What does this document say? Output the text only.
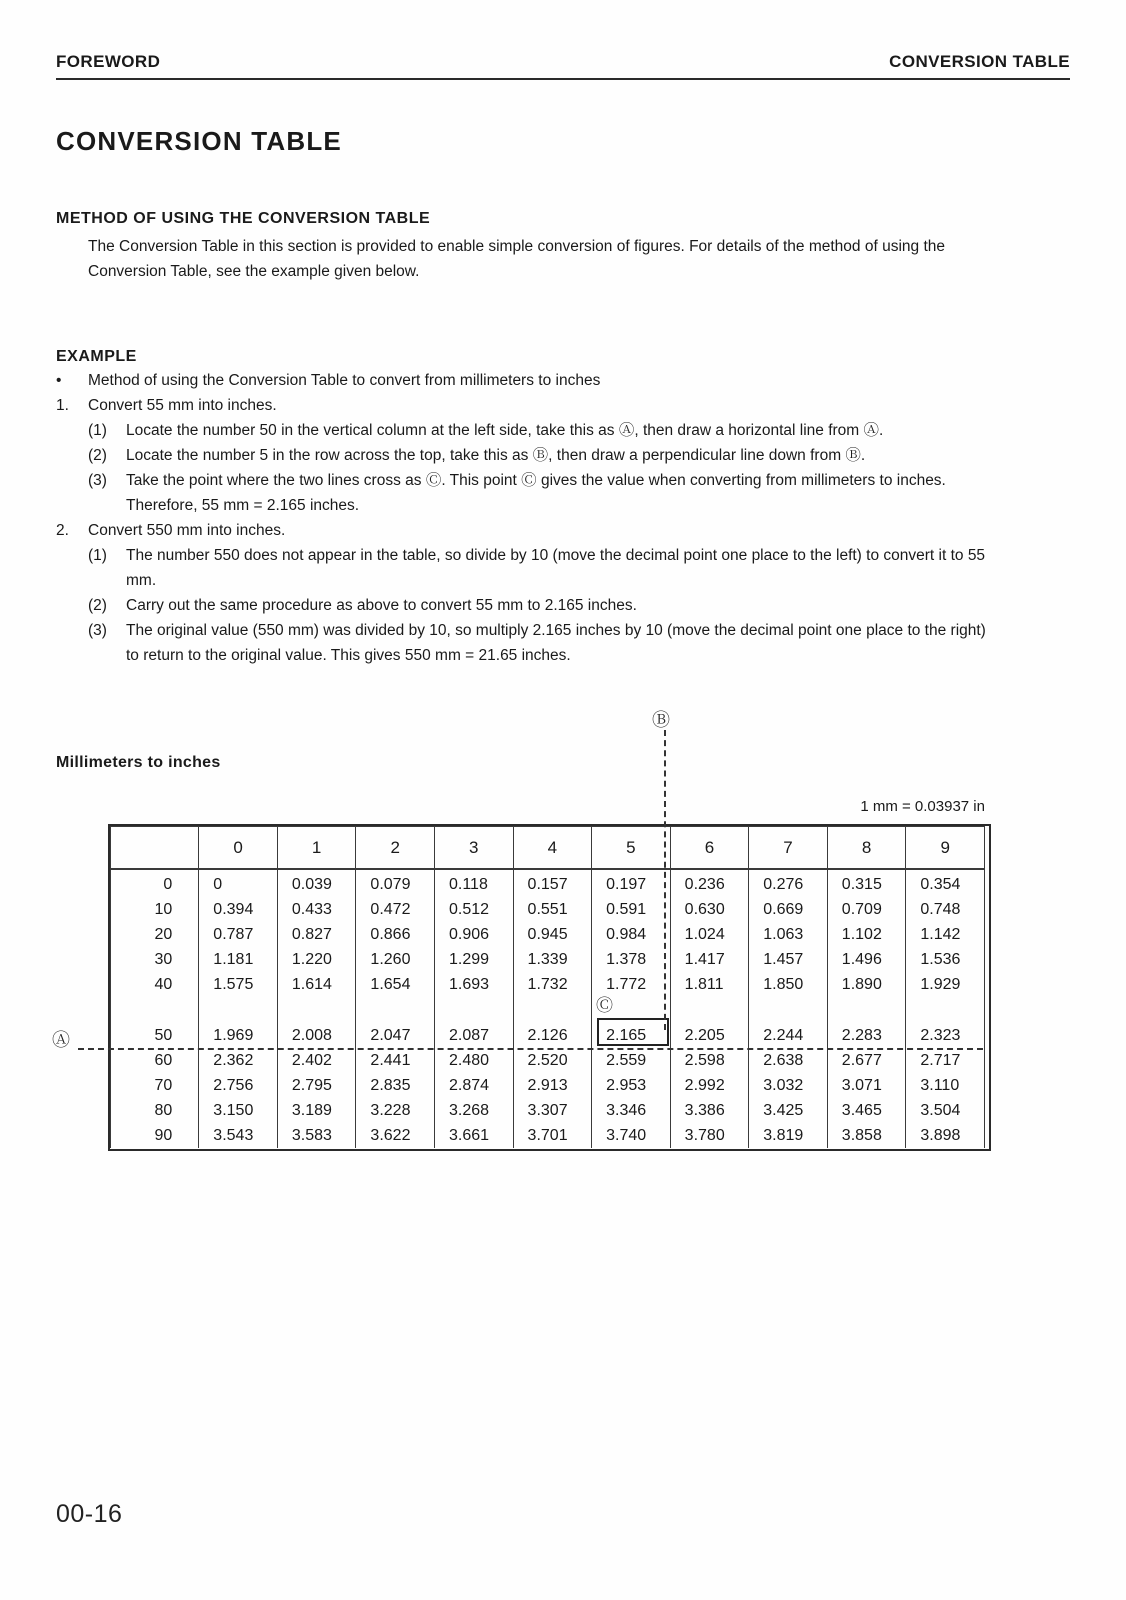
FOREWORD	CONVERSION TABLE
CONVERSION TABLE
METHOD OF USING THE CONVERSION TABLE
The Conversion Table in this section is provided to enable simple conversion of figures. For details of the method of using the Conversion Table, see the example given below.
EXAMPLE
•	Method of using the Conversion Table to convert from millimeters to inches
1.	Convert 55 mm into inches.
(1)	Locate the number 50 in the vertical column at the left side, take this as Ⓐ, then draw a horizontal line from Ⓐ.
(2)	Locate the number 5 in the row across the top, take this as Ⓑ, then draw a perpendicular line down from Ⓑ.
(3)	Take the point where the two lines cross as Ⓒ. This point Ⓒ gives the value when converting from millimeters to inches. Therefore, 55 mm = 2.165 inches.
2.	Convert 550 mm into inches.
(1)	The number 550 does not appear in the table, so divide by 10 (move the decimal point one place to the left) to convert it to 55 mm.
(2)	Carry out the same procedure as above to convert 55 mm to 2.165 inches.
(3)	The original value (550 mm) was divided by 10, so multiply 2.165 inches by 10 (move the decimal point one place to the right) to return to the original value. This gives 550 mm = 21.65 inches.
Millimeters to inches
1 mm = 0.03937 in
	0	1	2	3	4	5	6	7	8	9
0	0	0.039	0.079	0.118	0.157	0.197	0.236	0.276	0.315	0.354
10	0.394	0.433	0.472	0.512	0.551	0.591	0.630	0.669	0.709	0.748
20	0.787	0.827	0.866	0.906	0.945	0.984	1.024	1.063	1.102	1.142
30	1.181	1.220	1.260	1.299	1.339	1.378	1.417	1.457	1.496	1.536
40	1.575	1.614	1.654	1.693	1.732	1.772	1.811	1.850	1.890	1.929

50	1.969	2.008	2.047	2.087	2.126	2.165	2.205	2.244	2.283	2.323
60	2.362	2.402	2.441	2.480	2.520	2.559	2.598	2.638	2.677	2.717
70	2.756	2.795	2.835	2.874	2.913	2.953	2.992	3.032	3.071	3.110
80	3.150	3.189	3.228	3.268	3.307	3.346	3.386	3.425	3.465	3.504
90	3.543	3.583	3.622	3.661	3.701	3.740	3.780	3.819	3.858	3.898
Ⓑ
Ⓐ
Ⓒ
00-16
